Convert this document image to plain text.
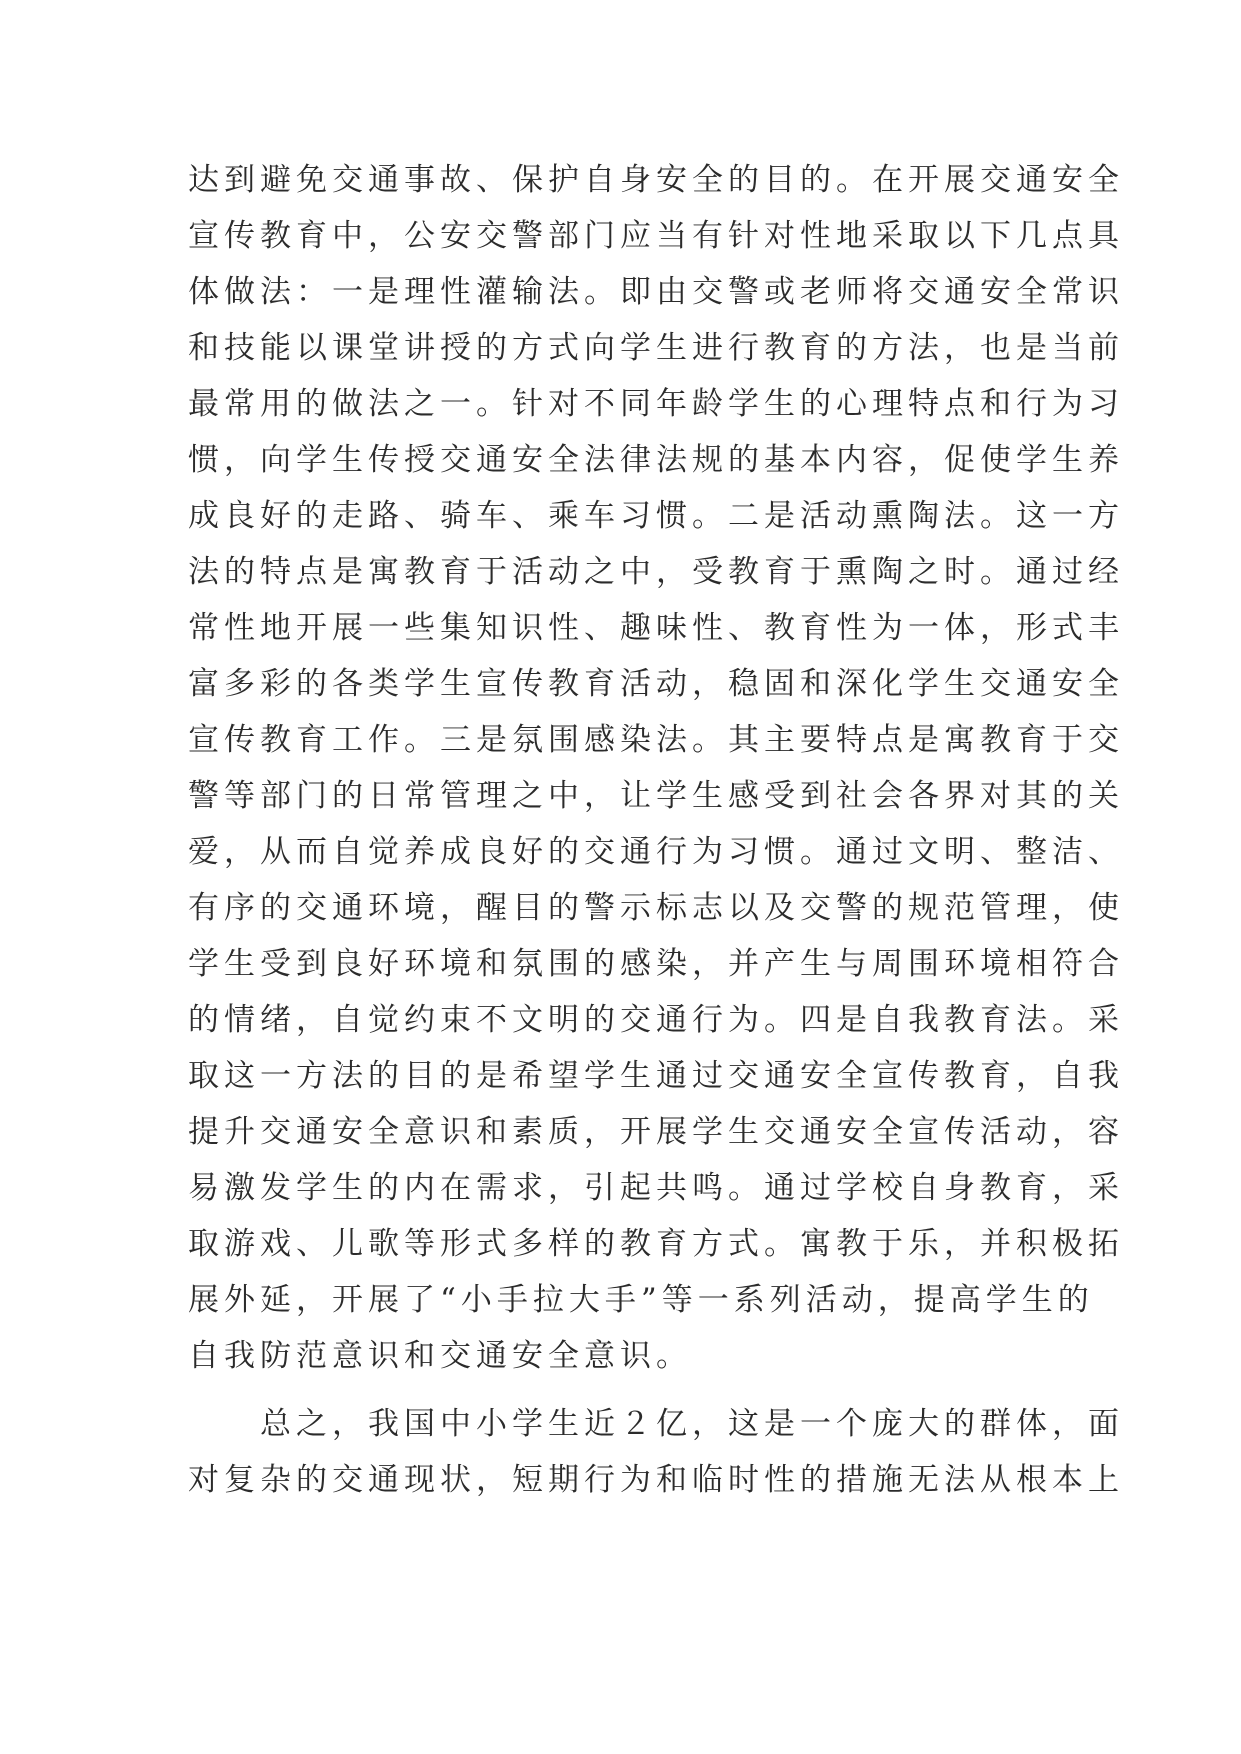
达到避免交通事故、保护自身安全的目的。在开展交通安全
宣传教育中，公安交警部门应当有针对性地采取以下几点具
体做法：一是理性灌输法。即由交警或老师将交通安全常识
和技能以课堂讲授的方式向学生进行教育的方法，也是当前
最常用的做法之一。针对不同年龄学生的心理特点和行为习
惯，向学生传授交通安全法律法规的基本内容，促使学生养
成良好的走路、骑车、乘车习惯。二是活动熏陶法。这一方
法的特点是寓教育于活动之中，受教育于熏陶之时。通过经
常性地开展一些集知识性、趣味性、教育性为一体，形式丰
富多彩的各类学生宣传教育活动，稳固和深化学生交通安全
宣传教育工作。三是氛围感染法。其主要特点是寓教育于交
警等部门的日常管理之中，让学生感受到社会各界对其的关
爱，从而自觉养成良好的交通行为习惯。通过文明、整洁、
有序的交通环境，醒目的警示标志以及交警的规范管理，使
学生受到良好环境和氛围的感染，并产生与周围环境相符合
的情绪，自觉约束不文明的交通行为。四是自我教育法。采
取这一方法的目的是希望学生通过交通安全宣传教育，自我
提升交通安全意识和素质，开展学生交通安全宣传活动，容
易激发学生的内在需求，引起共鸣。通过学校自身教育，采
取游戏、儿歌等形式多样的教育方式。寓教于乐，并积极拓
展外延，开展了“小手拉大手”等一系列活动，提高学生的
自我防范意识和交通安全意识。
总之，我国中小学生近２亿，这是一个庞大的群体，面
对复杂的交通现状，短期行为和临时性的措施无法从根本上
